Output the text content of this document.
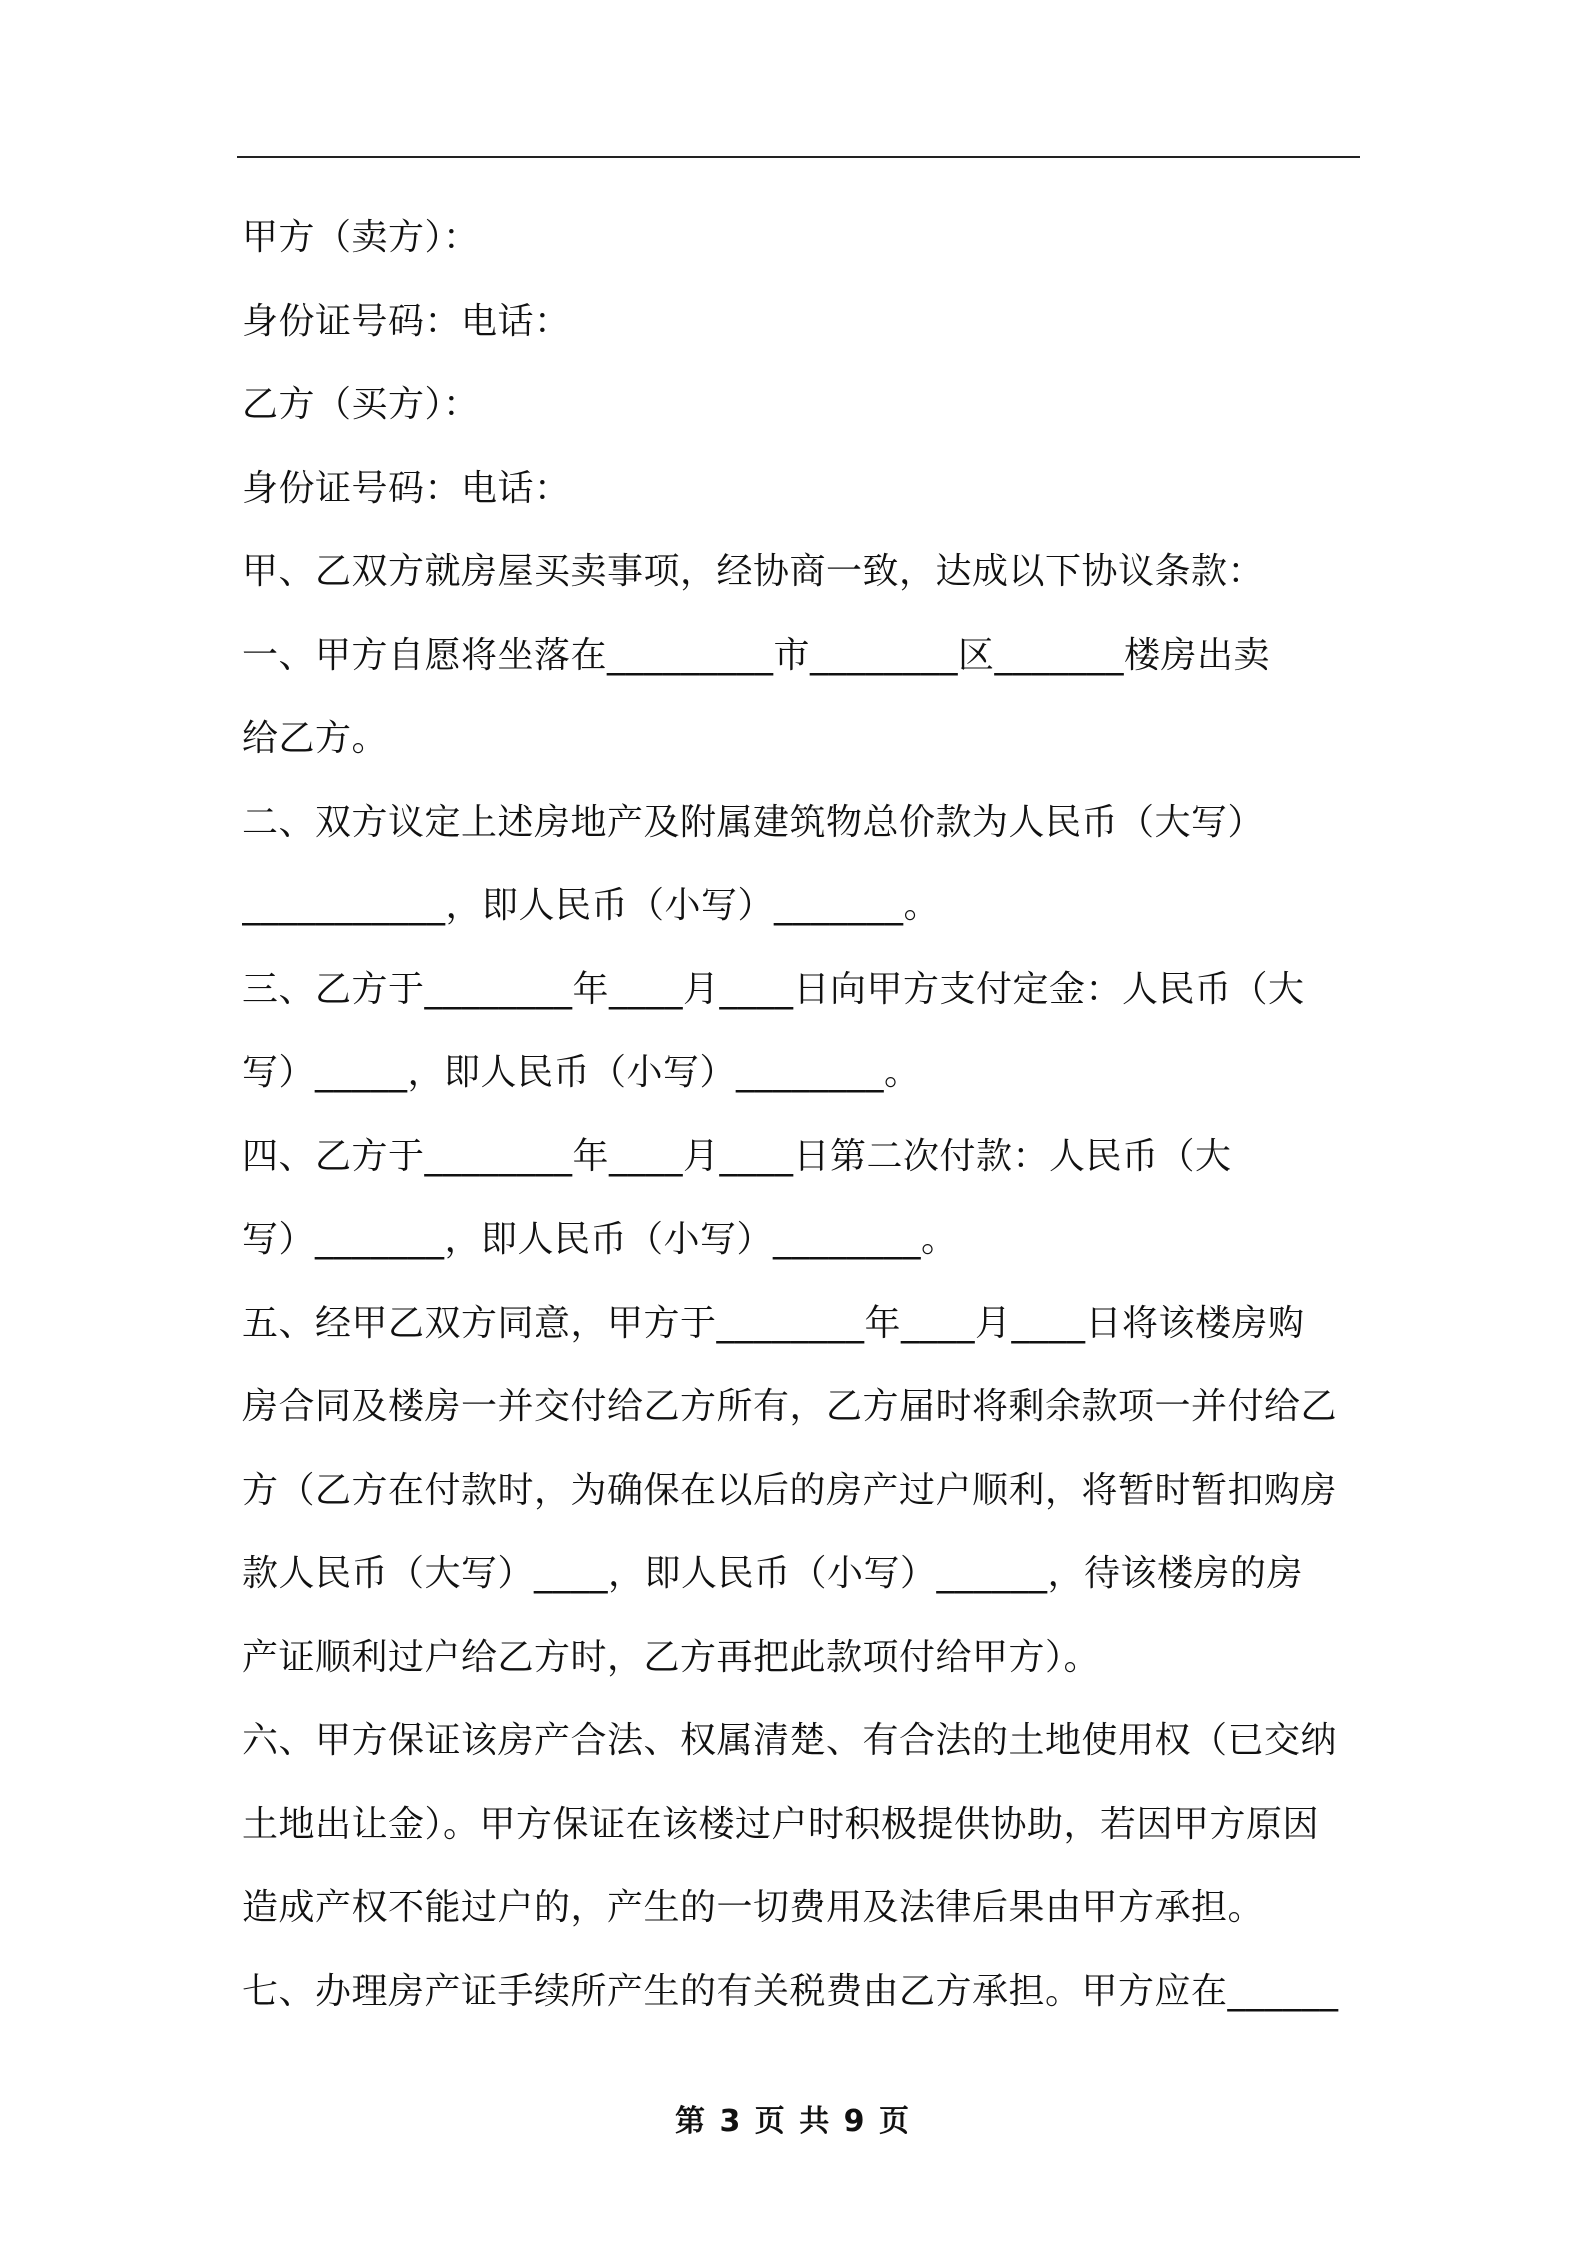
甲方（卖方）：
身份证号码：电话：
乙方（买方）：
身份证号码：电话：
甲、乙双方就房屋买卖事项，经协商一致，达成以下协议条款：
一、甲方自愿将坐落在_________市________区_______楼房出卖
给乙方。
二、双方议定上述房地产及附属建筑物总价款为人民币（大写）
___________，即人民币（小写）_______。
三、乙方于________年____月____日向甲方支付定金：人民币（大
写）_____，即人民币（小写）________。
四、乙方于________年____月____日第二次付款：人民币（大
写）_______，即人民币（小写）________。
五、经甲乙双方同意，甲方于________年____月____日将该楼房购
房合同及楼房一并交付给乙方所有，乙方届时将剩余款项一并付给乙
方（乙方在付款时，为确保在以后的房产过户顺利，将暂时暂扣购房
款人民币（大写）____，即人民币（小写）______，待该楼房的房
产证顺利过户给乙方时，乙方再把此款项付给甲方）。
六、甲方保证该房产合法、权属清楚、有合法的土地使用权（已交纳
土地出让金）。甲方保证在该楼过户时积极提供协助，若因甲方原因
造成产权不能过户的，产生的一切费用及法律后果由甲方承担。
七、办理房产证手续所产生的有关税费由乙方承担。甲方应在______
第 3 页 共 9 页
